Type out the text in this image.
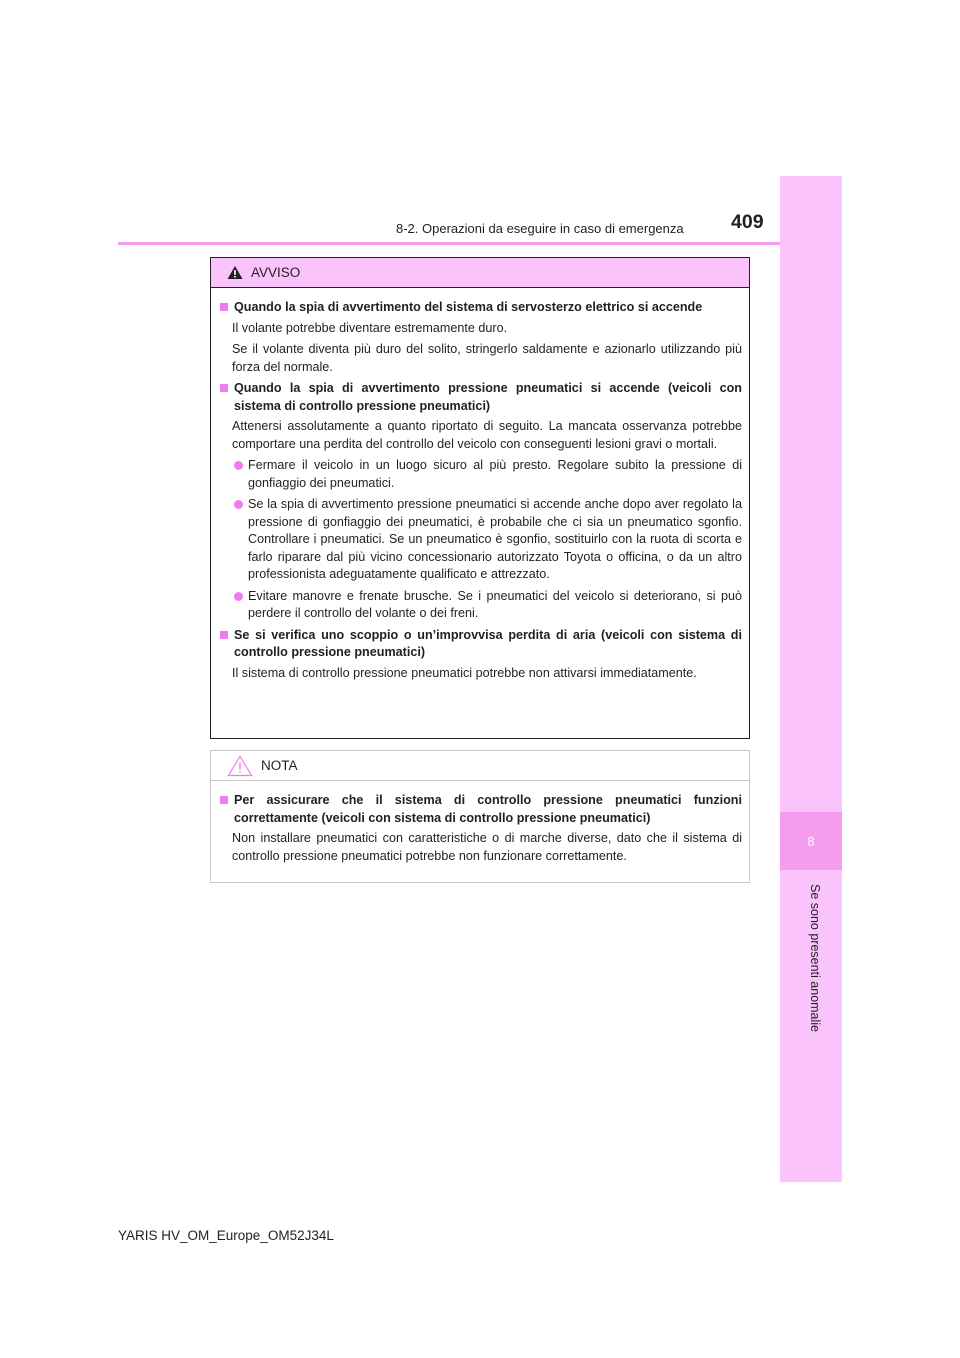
8
Se sono presenti anomalie
8-2. Operazioni da eseguire in caso di emergenza 409
AVVISO
Quando la spia di avvertimento del sistema di servosterzo elettrico si accende
Il volante potrebbe diventare estremamente duro.
Se il volante diventa più duro del solito, stringerlo saldamente e azionarlo utilizzando più forza del normale.
Quando la spia di avvertimento pressione pneumatici si accende (veicoli con sistema di controllo pressione pneumatici)
Attenersi assolutamente a quanto riportato di seguito. La mancata osservanza potrebbe comportare una perdita del controllo del veicolo con conseguenti lesioni gravi o mortali.
Fermare il veicolo in un luogo sicuro al più presto. Regolare subito la pressione di gonfiaggio dei pneumatici.
Se la spia di avvertimento pressione pneumatici si accende anche dopo aver regolato la pressione di gonfiaggio dei pneumatici, è probabile che ci sia un pneumatico sgonfio. Controllare i pneumatici. Se un pneumatico è sgonfio, sostituirlo con la ruota di scorta e farlo riparare dal più vicino concessionario autorizzato Toyota o officina, o da un altro professionista adeguatamente qualificato e attrezzato.
Evitare manovre e frenate brusche. Se i pneumatici del veicolo si deteriorano, si può perdere il controllo del volante o dei freni.
Se si verifica uno scoppio o un’improvvisa perdita di aria (veicoli con sistema di controllo pressione pneumatici)
Il sistema di controllo pressione pneumatici potrebbe non attivarsi immediatamente.
NOTA
Per assicurare che il sistema di controllo pressione pneumatici funzioni correttamente (veicoli con sistema di controllo pressione pneumatici)
Non installare pneumatici con caratteristiche o di marche diverse, dato che il sistema di controllo pressione pneumatici potrebbe non funzionare correttamente.
YARIS HV_OM_Europe_OM52J34L
